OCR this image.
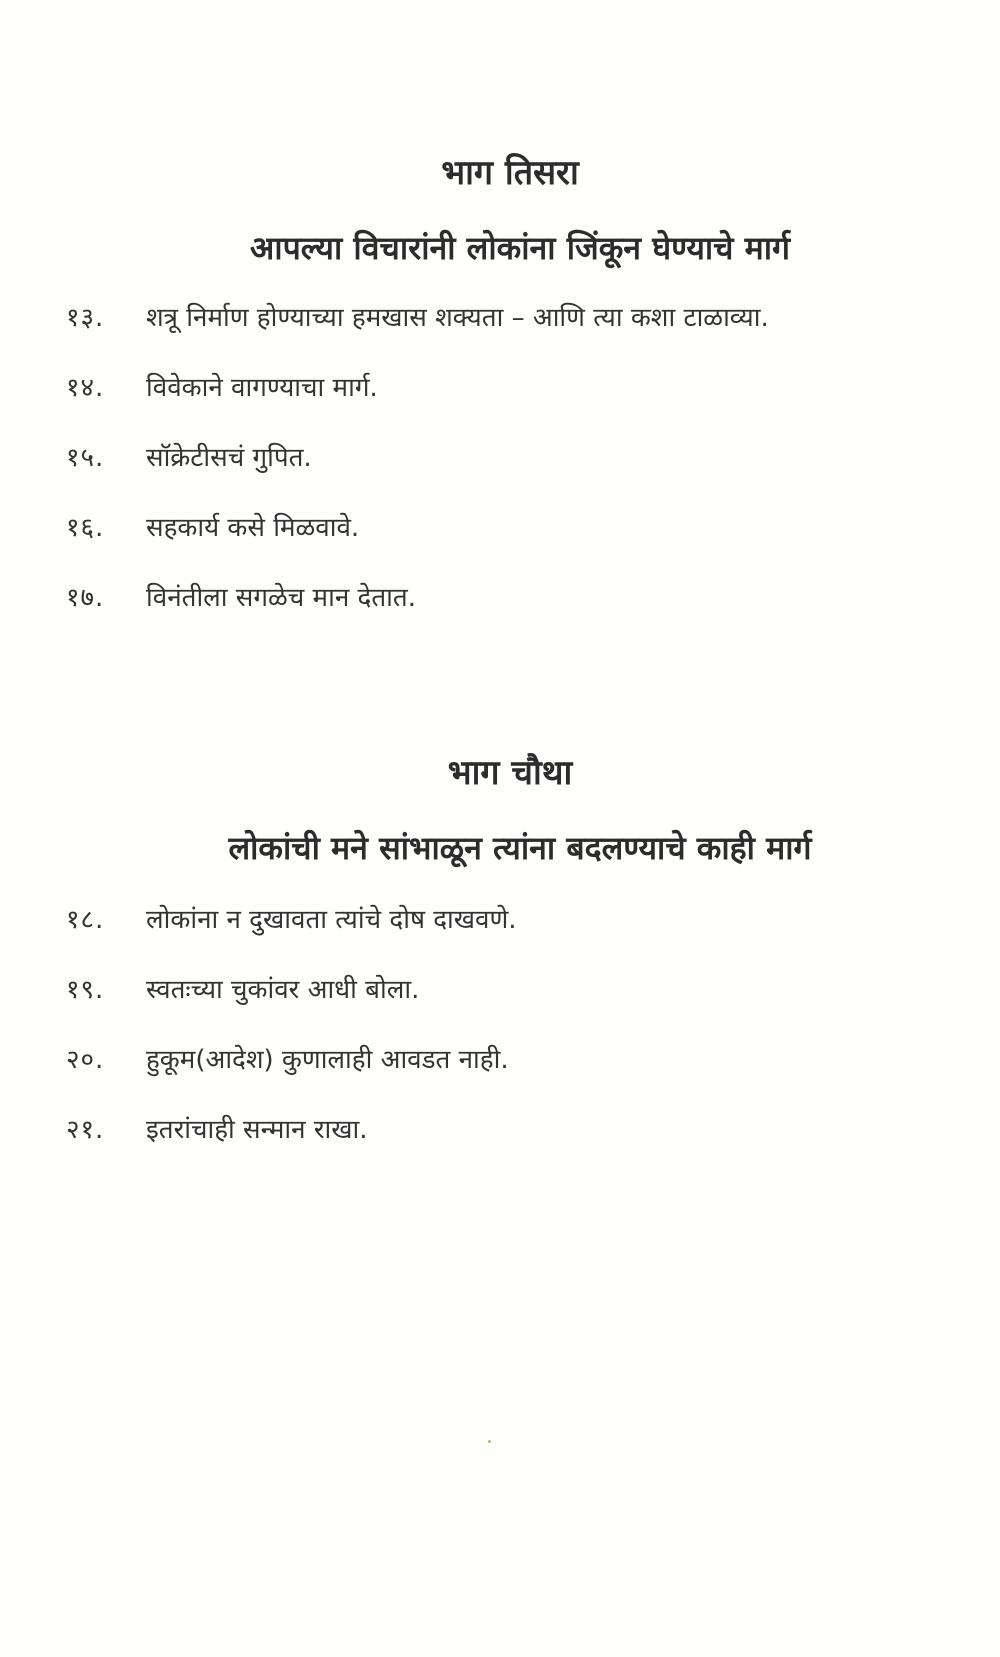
भाग तिसरा
आपल्या विचारांनी लोकांना जिंकून घेण्याचे मार्ग
१३. शत्रू निर्माण होण्याच्या हमखास शक्यता – आणि त्या कशा टाळाव्या.
१४. विवेकाने वागण्याचा मार्ग.
१५. सॉक्रेटीसचं गुपित.
१६. सहकार्य कसे मिळवावे.
१७. विनंतीला सगळेच मान देतात.
भाग चौथा
लोकांची मने सांभाळून त्यांना बदलण्याचे काही मार्ग
१८. लोकांना न दुखावता त्यांचे दोष दाखवणे.
१९. स्वतःच्या चुकांवर आधी बोला.
२०. हुकूम(आदेश) कुणालाही आवडत नाही.
२१. इतरांचाही सन्मान राखा.
